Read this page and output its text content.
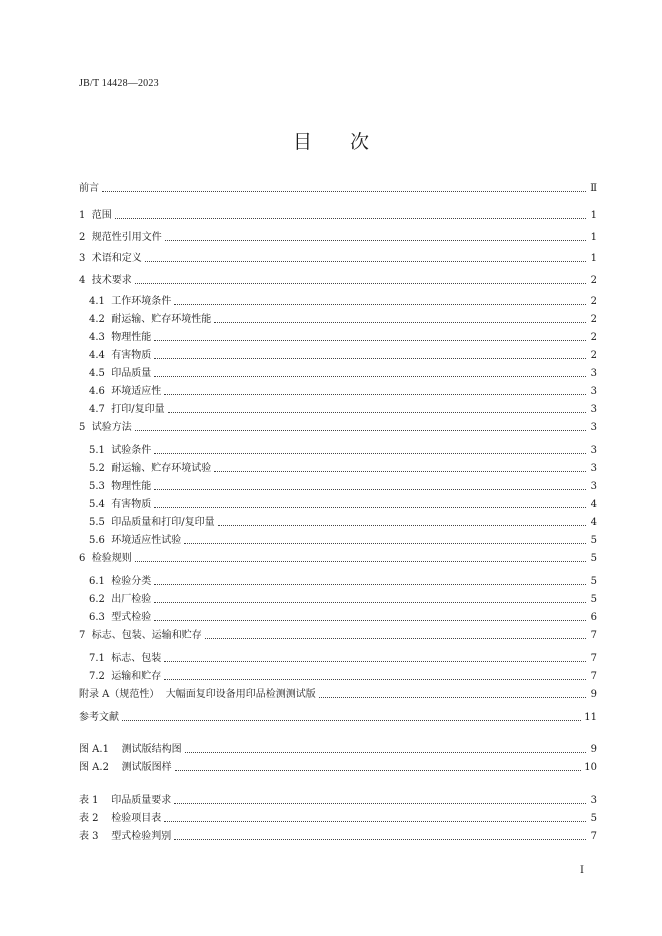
JB/T 14428—2023
目　　次
前言	Ⅱ
1  范围	1
2  规范性引用文件	1
3  术语和定义	1
4  技术要求	2
4.1  工作环境条件	2
4.2  耐运输、贮存环境性能	2
4.3  物理性能	2
4.4  有害物质	2
4.5  印品质量	3
4.6  环境适应性	3
4.7  打印/复印量	3
5  试验方法	3
5.1  试验条件	3
5.2  耐运输、贮存环境试验	3
5.3  物理性能	3
5.4  有害物质	4
5.5  印品质量和打印/复印量	4
5.6  环境适应性试验	5
6  检验规则	5
6.1  检验分类	5
6.2  出厂检验	5
6.3  型式检验	6
7  标志、包装、运输和贮存	7
7.1  标志、包装	7
7.2  运输和贮存	7
附录 A（规范性）  大幅面复印设备用印品检测测试版	9
参考文献	11
图 A.1    测试版结构图	9
图 A.2    测试版图样	10
表 1    印品质量要求	3
表 2    检验项目表	5
表 3    型式检验判别	7
I
